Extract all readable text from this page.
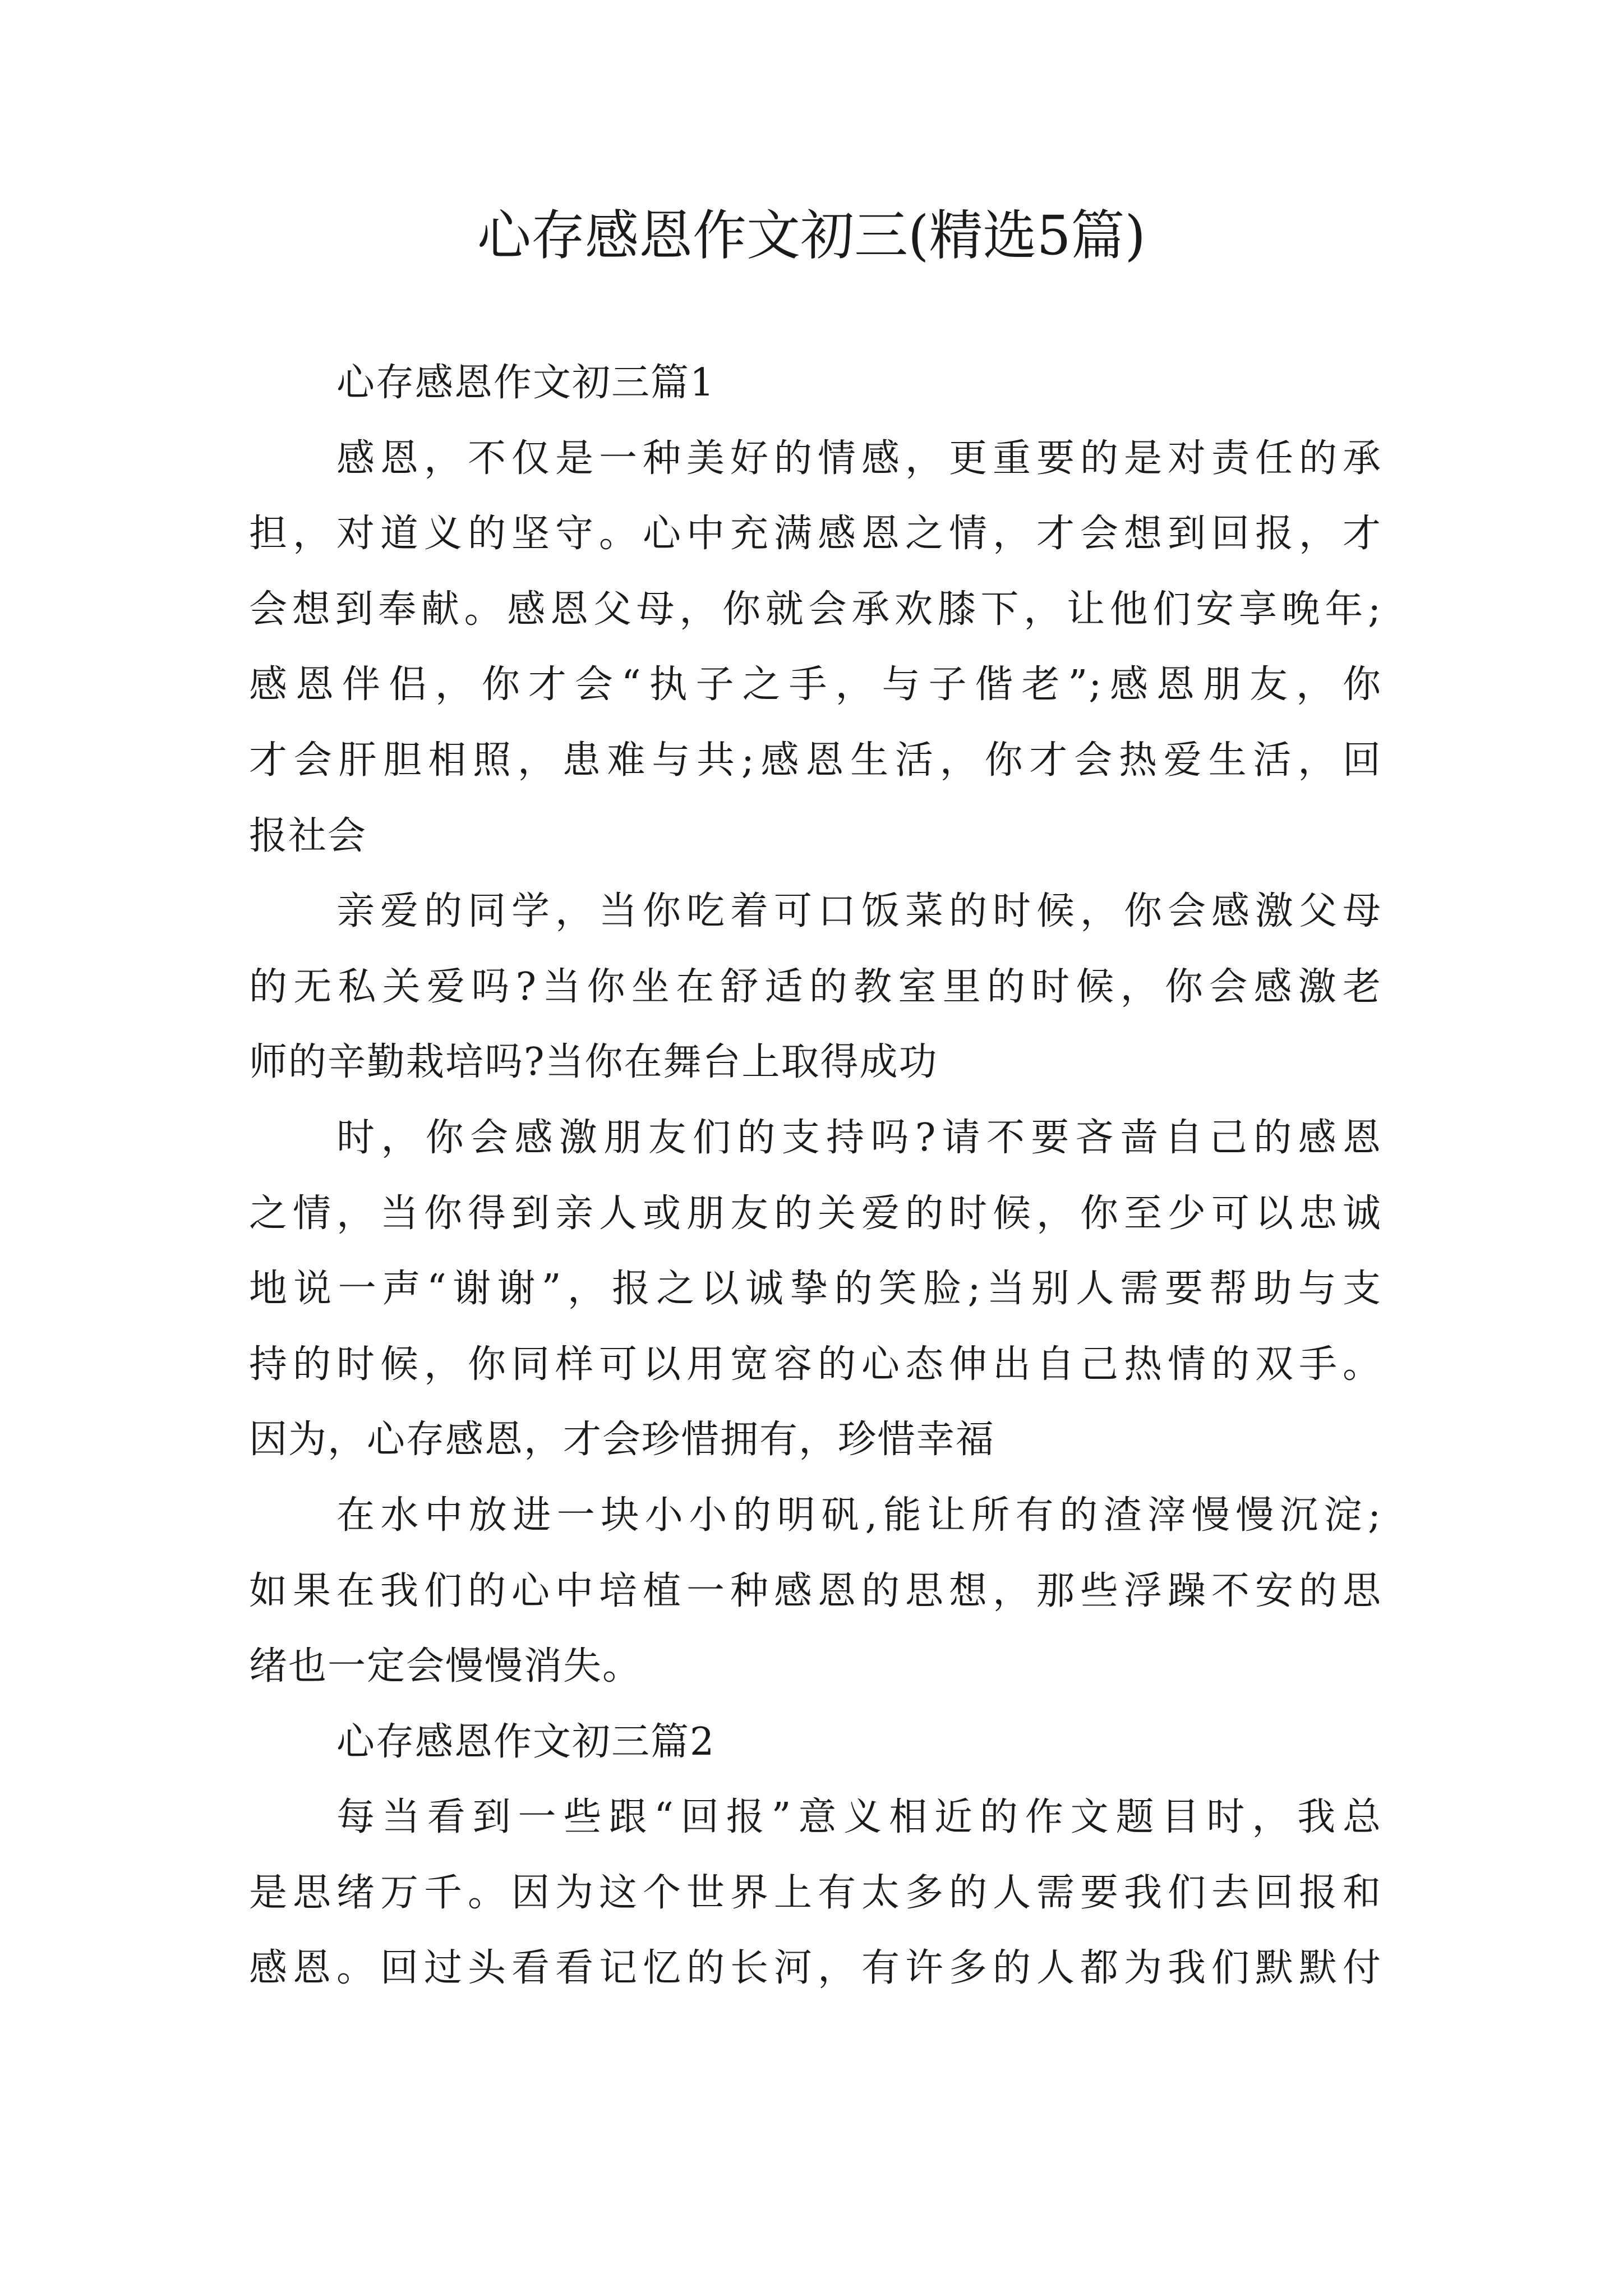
心存感恩作文初三(精选5篇)
心存感恩作文初三篇1
感恩，不仅是一种美好的情感，更重要的是对责任的承
担，对道义的坚守。心中充满感恩之情，才会想到回报，才
会想到奉献。感恩父母，你就会承欢膝下，让他们安享晚年;
感恩伴侣，你才会“执子之手，与子偕老”;感恩朋友，你
才会肝胆相照，患难与共;感恩生活，你才会热爱生活，回
报社会
亲爱的同学，当你吃着可口饭菜的时候，你会感激父母
的无私关爱吗?当你坐在舒适的教室里的时候，你会感激老
师的辛勤栽培吗?当你在舞台上取得成功
时，你会感激朋友们的支持吗?请不要吝啬自己的感恩
之情，当你得到亲人或朋友的关爱的时候，你至少可以忠诚
地说一声“谢谢”，报之以诚挚的笑脸;当别人需要帮助与支
持的时候，你同样可以用宽容的心态伸出自己热情的双手。
因为，心存感恩，才会珍惜拥有，珍惜幸福
在水中放进一块小小的明矾,能让所有的渣滓慢慢沉淀;
如果在我们的心中培植一种感恩的思想，那些浮躁不安的思
绪也一定会慢慢消失。
心存感恩作文初三篇2
每当看到一些跟“回报”意义相近的作文题目时，我总
是思绪万千。因为这个世界上有太多的人需要我们去回报和
感恩。回过头看看记忆的长河，有许多的人都为我们默默付
